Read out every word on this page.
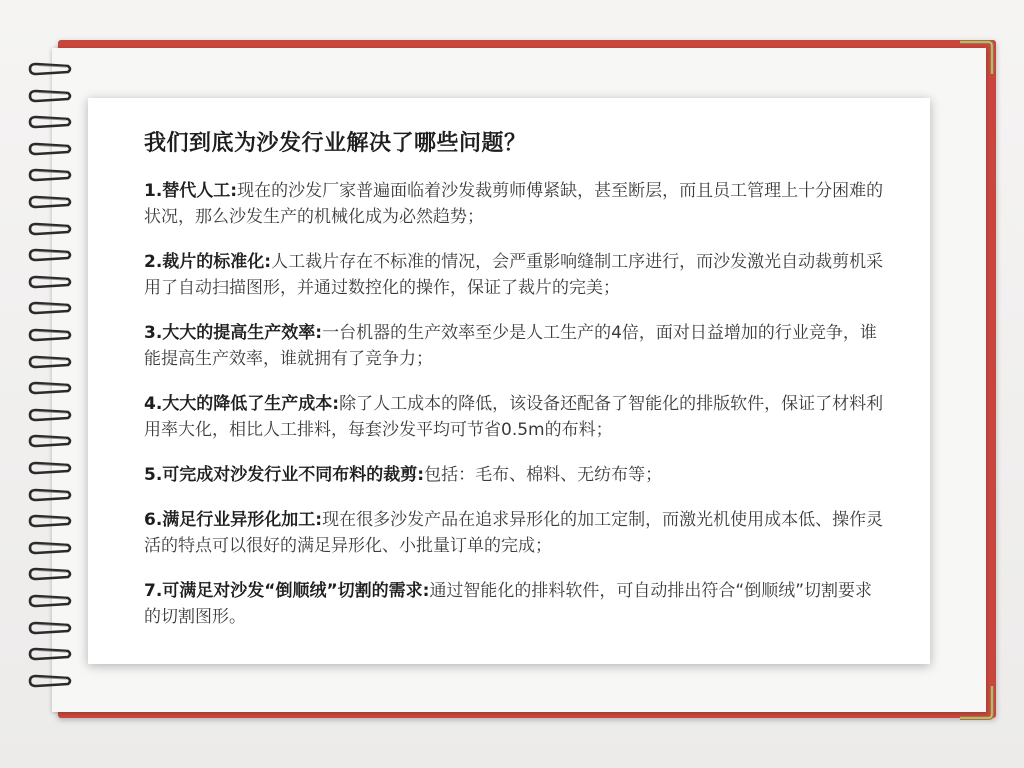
我们到底为沙发行业解决了哪些问题？
1.替代人工:现在的沙发厂家普遍面临着沙发裁剪师傅紧缺，甚至断层，而且员工管理上十分困难的状况，那么沙发生产的机械化成为必然趋势；
2.裁片的标准化:人工裁片存在不标准的情况，会严重影响缝制工序进行，而沙发激光自动裁剪机采用了自动扫描图形，并通过数控化的操作，保证了裁片的完美；
3.大大的提高生产效率:一台机器的生产效率至少是人工生产的4倍，面对日益增加的行业竞争，谁能提高生产效率，谁就拥有了竞争力；
4.大大的降低了生产成本:除了人工成本的降低，该设备还配备了智能化的排版软件，保证了材料利用率大化，相比人工排料，每套沙发平均可节省0.5m的布料；
5.可完成对沙发行业不同布料的裁剪:包括：毛布、棉料、无纺布等；
6.满足行业异形化加工:现在很多沙发产品在追求异形化的加工定制，而激光机使用成本低、操作灵活的特点可以很好的满足异形化、小批量订单的完成；
7.可满足对沙发“倒顺绒”切割的需求:通过智能化的排料软件，可自动排出符合“倒顺绒”切割要求的切割图形。
